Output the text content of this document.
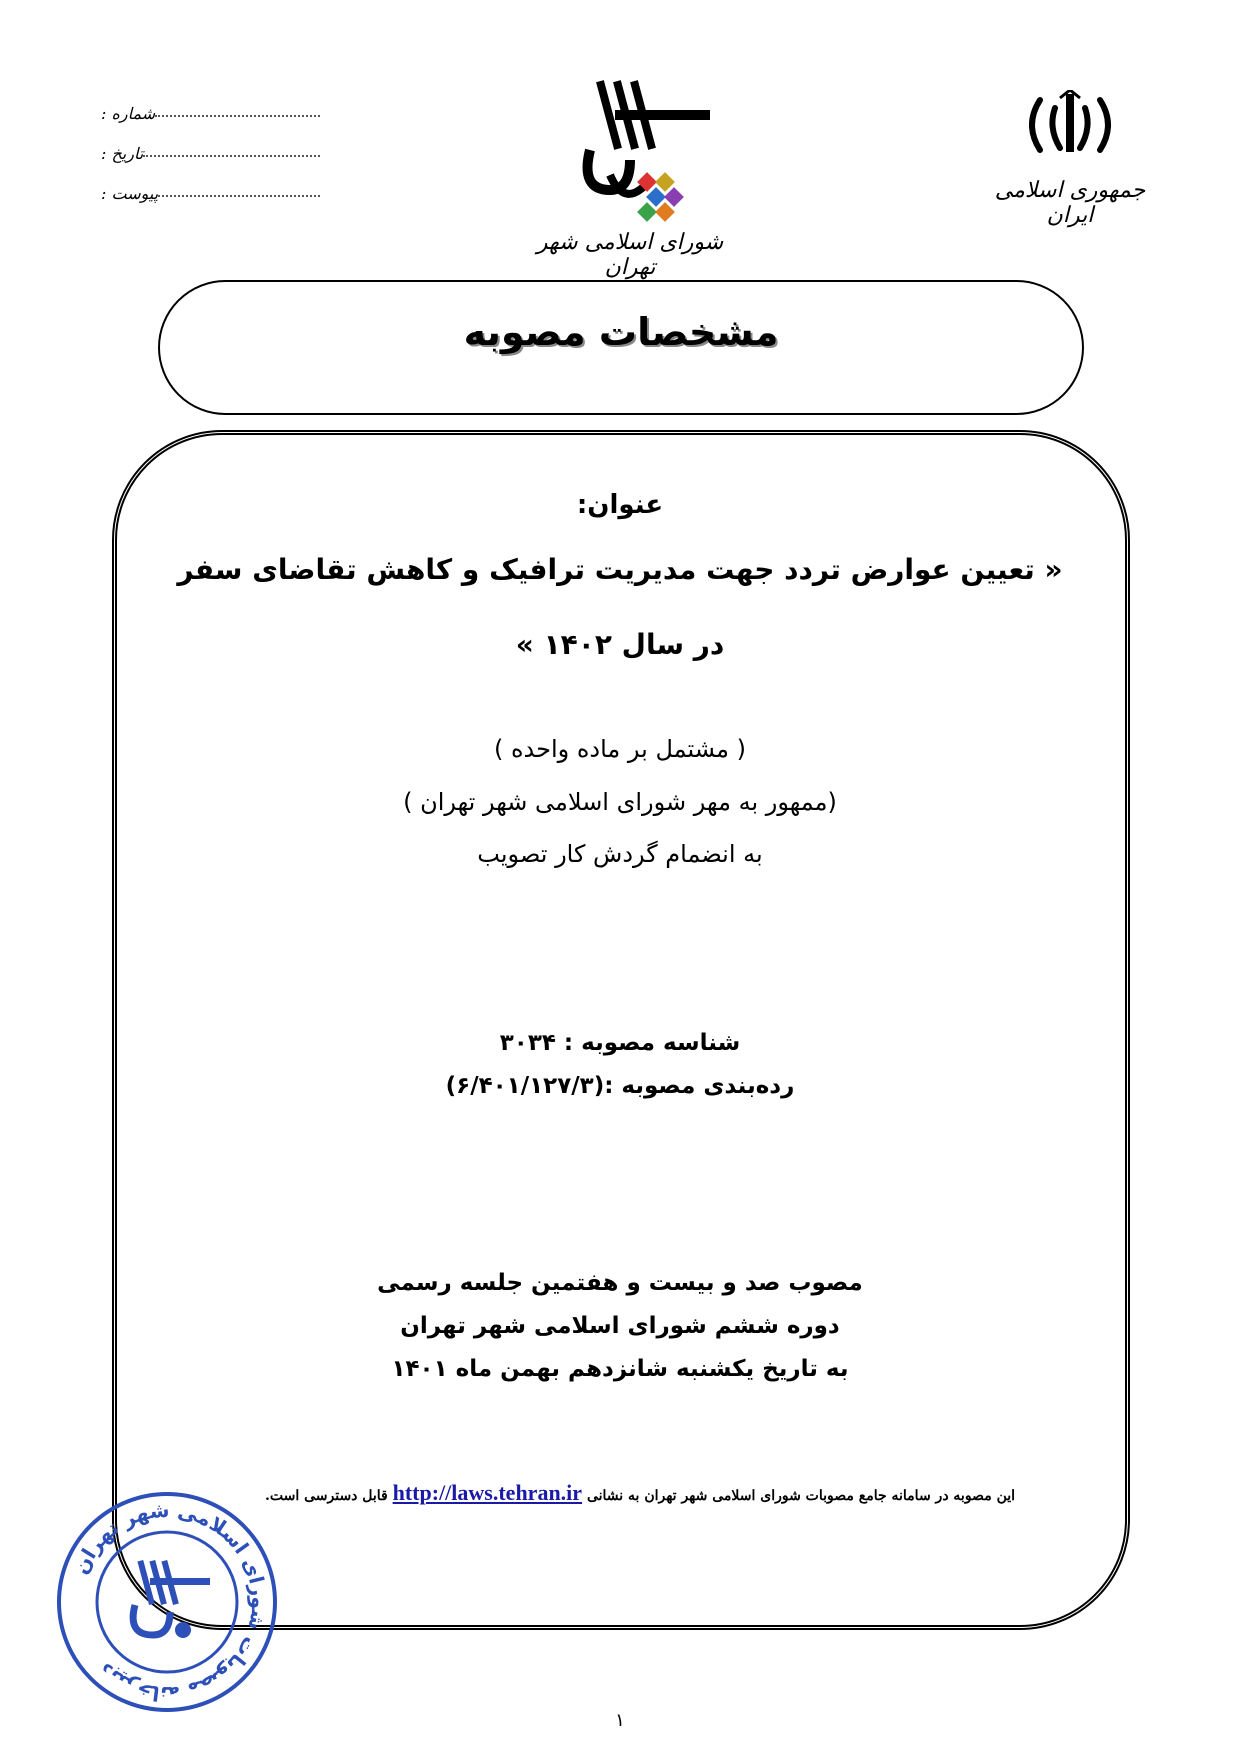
جمهوری اسلامی ایران
شورای اسلامی شهر تهران
شماره :
تاریخ :
پیوست :
مشخصات مصوبه
عنوان:
« تعیین عوارض تردد جهت مدیریت ترافیک و کاهش تقاضای سفر
در سال ۱۴۰۲ »
( مشتمل بر ماده واحده )
(ممهور به مهر شورای اسلامی شهر تهران )
به انضمام گردش کار تصویب
شناسه مصوبه : ۳۰۳۴
رده‌بندی مصوبه :(۶/۴۰۱/۱۲۷/۳)
مصوب صد و بیست و هفتمین جلسه رسمی
دوره ششم شورای اسلامی شهر تهران
به تاریخ یکشنبه شانزدهم بهمن ماه ۱۴۰۱
این مصوبه در سامانه جامع مصوبات شورای اسلامی شهر تهران به نشانی http://laws.tehran.ir قابل دسترسی است.
دبیرخانه مصوبات شورای اسلامی شهر تهران
۱
